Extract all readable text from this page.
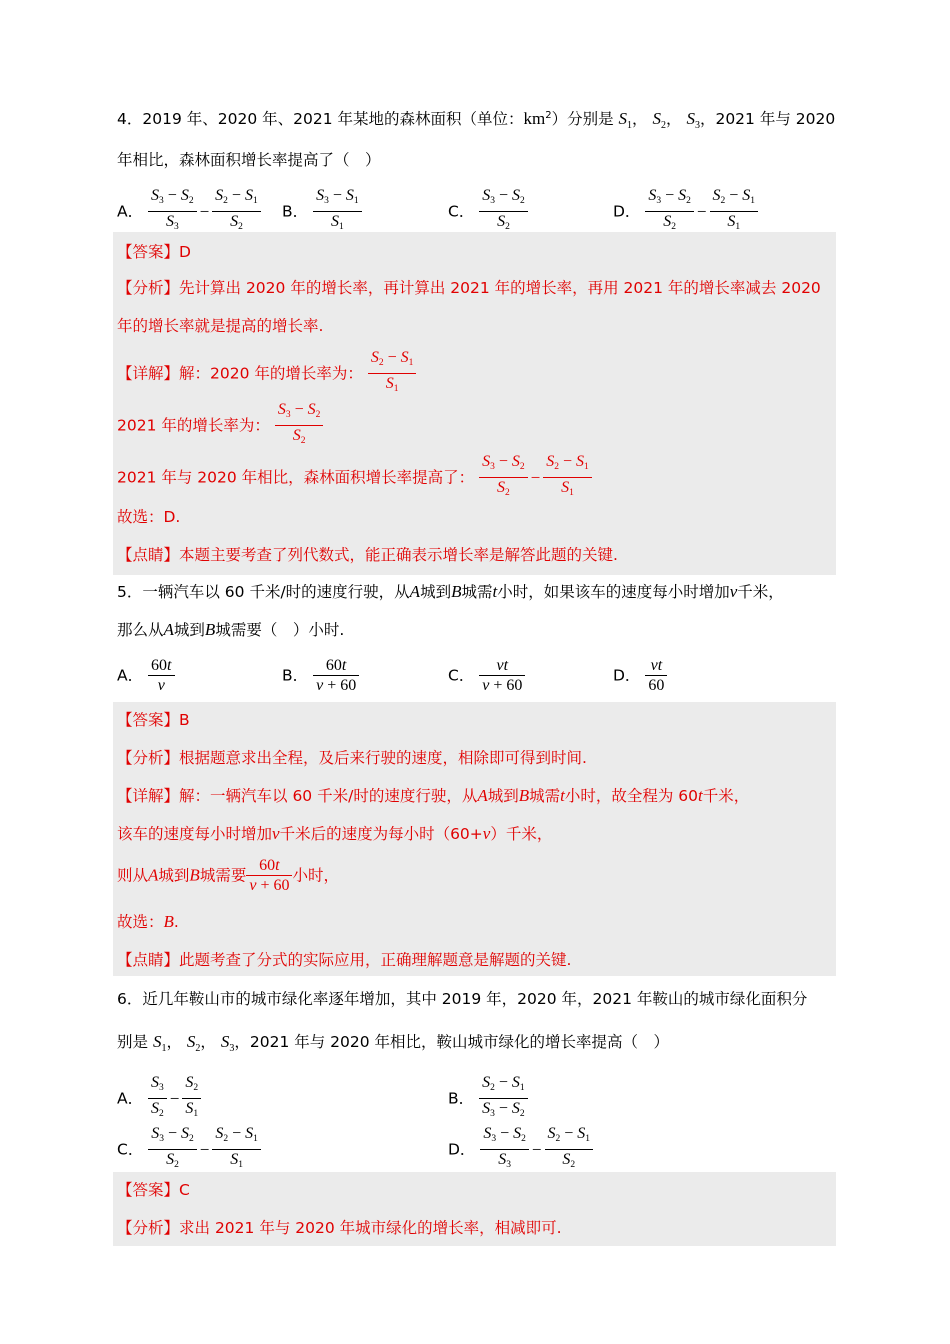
4．2019 年、2020 年、2021 年某地的森林面积（单位：$km^2$）分别是 $S_1$， $S_2$， $S_3$，2021 年与 2020
年相比，森林面积增长率提高了（　）
A． $\frac{S_3 - S_2}{S_3} - \frac{S_2 - S_1}{S_2}$ B． $\frac{S_3 - S_1}{S_1}$	C． $\frac{S_3 - S_2}{S_2}$	D． $\frac{S_3 - S_2}{S_2} - \frac{S_2 - S_1}{S_1}$
【答案】D
【分析】先计算出 2020 年的增长率，再计算出 2021 年的增长率，再用 2021 年的增长率减去 2020
年的增长率就是提高的增长率.
【详解】解：2020 年的增长率为： $\frac{S_2 - S_1}{S_1}$
2021 年的增长率为： $\frac{S_3 - S_2}{S_2}$
2021 年与 2020 年相比，森林面积增长率提高了： $\frac{S_3 - S_2}{S_2} - \frac{S_2 - S_1}{S_1}$
故选：D.
【点睛】本题主要考查了列代数式，能正确表示增长率是解答此题的关键.
5．一辆汽车以 60 千米/时的速度行驶，从A城到B城需t小时，如果该车的速度每小时增加v千米，
那么从A城到B城需要（　）小时.
A． $\frac{60t}{v}$	B． $\frac{60t}{v + 60}$	C． $\frac{vt}{v + 60}$	D． $\frac{vt}{60}$
【答案】B
【分析】根据题意求出全程，及后来行驶的速度，相除即可得到时间.
【详解】解：一辆汽车以 60 千米/时的速度行驶，从A城到B城需t小时，故全程为 60t千米，
该车的速度每小时增加v千米后的速度为每小时（60+v）千米，
则从A城到B城需要 $\frac{60t}{v + 60}$ 小时，
故选：B.
【点睛】此题考查了分式的实际应用，正确理解题意是解题的关键.
6．近几年鞍山市的城市绿化率逐年增加，其中 2019 年，2020 年，2021 年鞍山的城市绿化面积分
别是 $S_1$， $S_2$， $S_3$，2021 年与 2020 年相比，鞍山城市绿化的增长率提高（　）
A． $\frac{S_3}{S_2} - \frac{S_2}{S_1}$	B． $\frac{S_2 - S_1}{S_3 - S_2}$
C． $\frac{S_3 - S_2}{S_2} - \frac{S_2 - S_1}{S_1}$	D． $\frac{S_3 - S_2}{S_3} - \frac{S_2 - S_1}{S_2}$
【答案】C
【分析】求出 2021 年与 2020 年城市绿化的增长率，相减即可.
